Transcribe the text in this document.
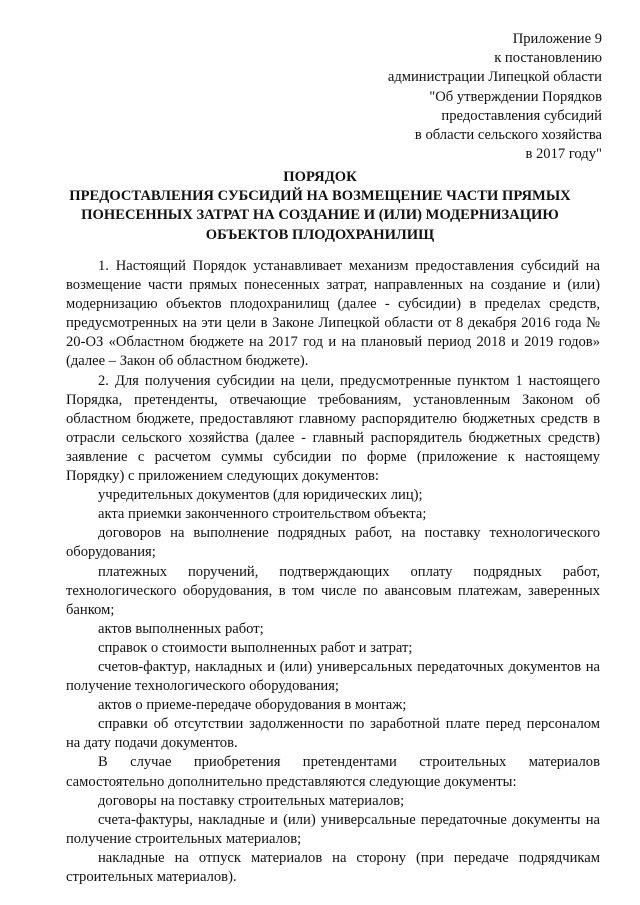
Приложение 9
к постановлению
администрации Липецкой области
"Об утверждении Порядков
предоставления субсидий
в области сельского хозяйства
в 2017 году"
ПОРЯДОК
ПРЕДОСТАВЛЕНИЯ СУБСИДИЙ НА ВОЗМЕЩЕНИЕ ЧАСТИ ПРЯМЫХ
ПОНЕСЕННЫХ ЗАТРАТ НА СОЗДАНИЕ И (ИЛИ) МОДЕРНИЗАЦИЮ
ОБЪЕКТОВ ПЛОДОХРАНИЛИЩ

1. Настоящий Порядок устанавливает механизм предоставления субсидий на возмещение части прямых понесенных затрат, направленных на создание и (или) модернизацию объектов плодохранилищ (далее - субсидии) в пределах средств, предусмотренных на эти цели в Законе Липецкой области от 8 декабря 2016 года № 20-ОЗ «Областном бюджете на 2017 год и на плановый период 2018 и 2019 годов» (далее – Закон об областном бюджете).

2. Для получения субсидии на цели, предусмотренные пунктом 1 настоящего Порядка, претенденты, отвечающие требованиям, установленным Законом об областном бюджете, предоставляют главному распорядителю бюджетных средств в отрасли сельского хозяйства (далее - главный распорядитель бюджетных средств) заявление с расчетом суммы субсидии по форме (приложение к настоящему Порядку) с приложением следующих документов:

учредительных документов (для юридических лиц);

акта приемки законченного строительством объекта;

договоров на выполнение подрядных работ, на поставку технологического оборудования;

платежных поручений, подтверждающих оплату подрядных работ, технологического оборудования, в том числе по авансовым платежам, заверенных банком;

актов выполненных работ;

справок о стоимости выполненных работ и затрат;

счетов-фактур, накладных и (или) универсальных передаточных документов на получение технологического оборудования;

актов о приеме-передаче оборудования в монтаж;

справки об отсутствии задолженности по заработной плате перед персоналом на дату подачи документов.

В случае приобретения претендентами строительных материалов самостоятельно дополнительно представляются следующие документы:

договоры на поставку строительных материалов;

счета-фактуры, накладные и (или) универсальные передаточные документы на получение строительных материалов;

накладные на отпуск материалов на сторону (при передаче подрядчикам строительных материалов).
